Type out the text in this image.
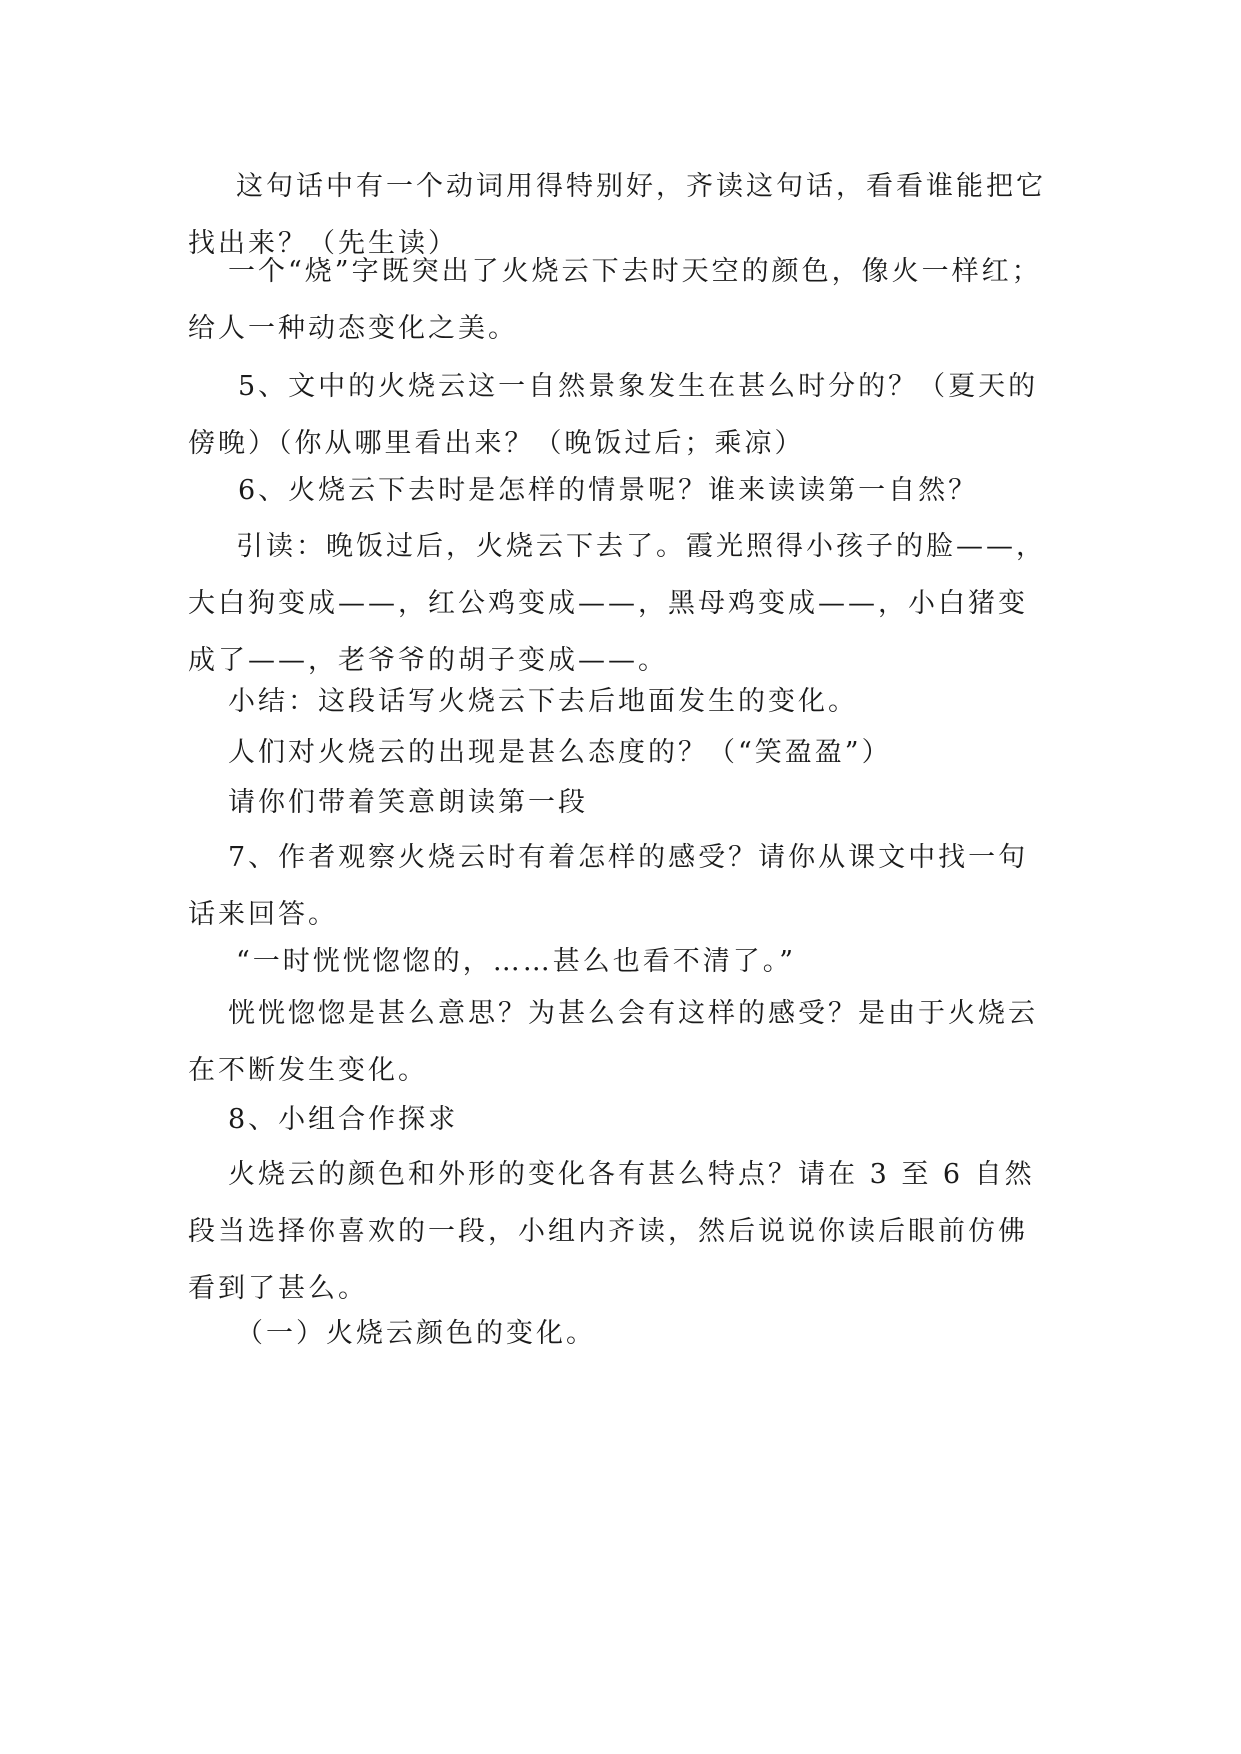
这句话中有一个动词用得特别好，齐读这句话，看看谁能把它找出来？（先生读）

一个“烧”字既突出了火烧云下去时天空的颜色，像火一样红；给人一种动态变化之美。

5、文中的火烧云这一自然景象发生在甚么时分的？（夏天的傍晚）（你从哪里看出来？（晚饭过后；乘凉）

6、火烧云下去时是怎样的情景呢？谁来读读第一自然？

引读：晚饭过后，火烧云下去了。霞光照得小孩子的脸——，大白狗变成——，红公鸡变成——，黑母鸡变成——，小白猪变成了——，老爷爷的胡子变成——。

小结：这段话写火烧云下去后地面发生的变化。

人们对火烧云的出现是甚么态度的？（“笑盈盈”）

请你们带着笑意朗读第一段

7、作者观察火烧云时有着怎样的感受？请你从课文中找一句话来回答。

“一时恍恍惚惚的，……甚么也看不清了。”

恍恍惚惚是甚么意思？为甚么会有这样的感受？是由于火烧云在不断发生变化。

8、小组合作探求

火烧云的颜色和外形的变化各有甚么特点？请在 3 至 6 自然段当选择你喜欢的一段，小组内齐读，然后说说你读后眼前仿佛看到了甚么。

（一）火烧云颜色的变化。
